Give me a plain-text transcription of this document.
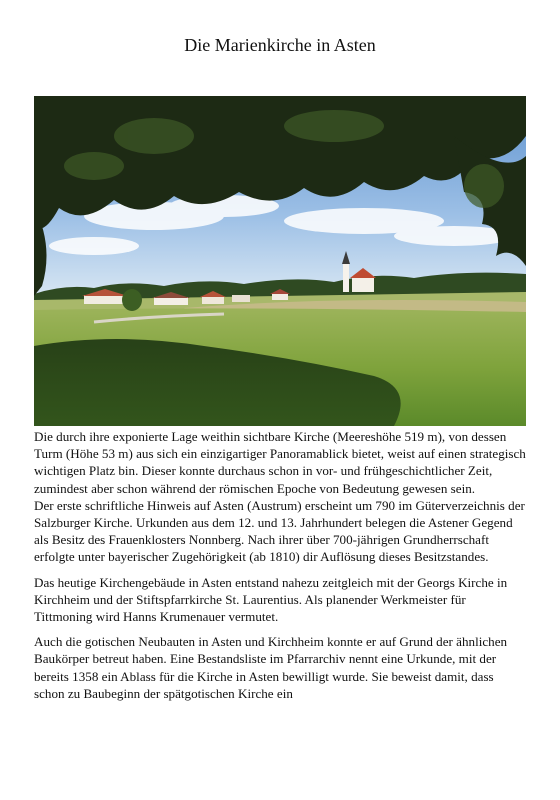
Die Marienkirche in Asten

Die durch ihre exponierte Lage weithin sichtbare Kirche (Meereshöhe 519 m), von dessen Turm (Höhe 53 m) aus sich ein einzigartiger Panoramablick bietet, weist auf einen strategisch wichtigen Platz bin. Dieser konnte durchaus schon in vor- und frühgeschichtlicher Zeit, zumindest aber schon während der römischen Epoche von Bedeutung gewesen sein.

Der erste schriftliche Hinweis auf Asten (Austrum) erscheint um 790 im Güterverzeichnis der Salzburger Kirche. Urkunden aus dem 12. und 13. Jahrhundert belegen die Astener Gegend als Besitz des Frauenklosters Nonnberg. Nach ihrer über 700-jährigen Grundherrschaft erfolgte unter bayerischer Zugehörigkeit (ab 1810) dir Auflösung dieses Besitzstandes.

Das heutige Kirchengebäude in Asten entstand nahezu zeitgleich mit der Georgs Kirche in Kirchheim und der Stiftspfarrkirche St. Laurentius. Als planender Werkmeister für Tittmoning wird Hanns Krumenauer vermutet.

Auch die gotischen Neubauten in Asten und Kirchheim konnte er auf Grund der ähnlichen Baukörper betreut haben. Eine Bestandsliste im Pfarrarchiv nennt eine Urkunde, mit der bereits 1358 ein Ablass für die Kirche in Asten bewilligt wurde. Sie beweist damit, dass schon zu Baubeginn der spätgotischen Kirche ein
